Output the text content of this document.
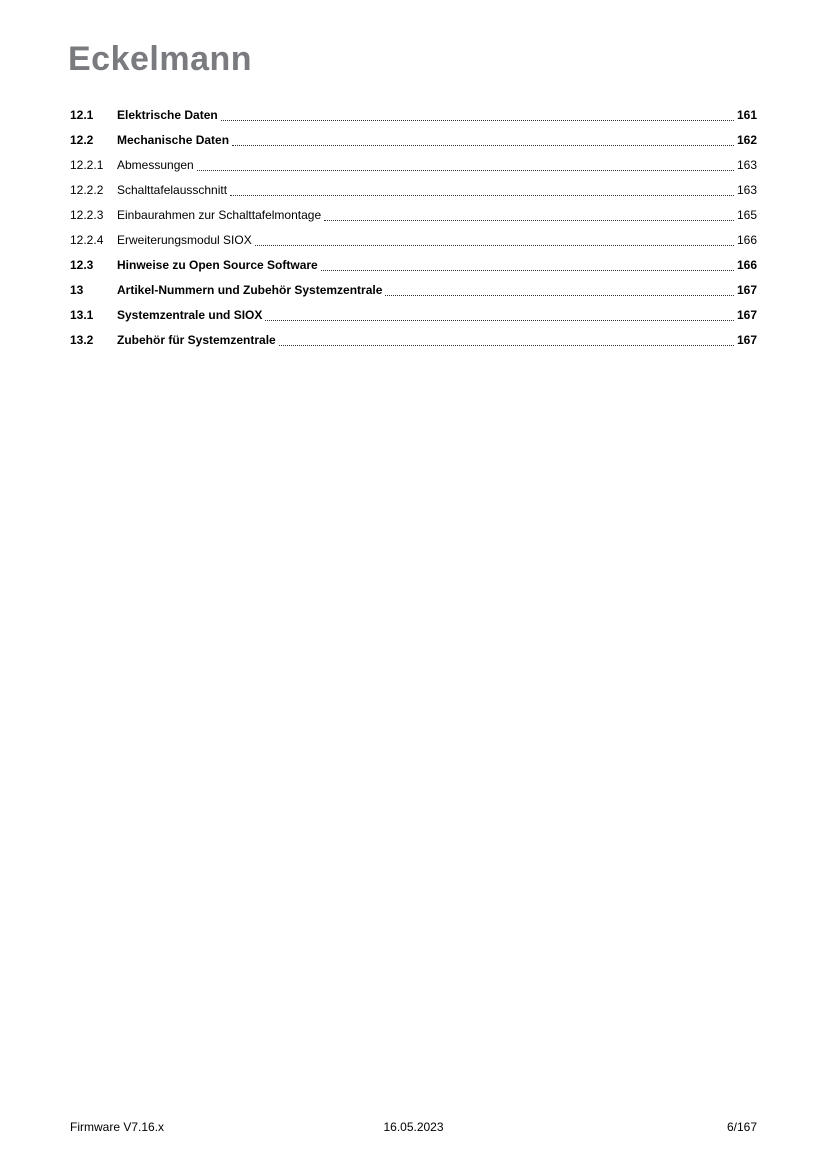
Eckelmann
12.1	Elektrische Daten	161
12.2	Mechanische Daten	162
12.2.1	Abmessungen	163
12.2.2	Schalttafelausschnitt	163
12.2.3	Einbaurahmen zur Schalttafelmontage	165
12.2.4	Erweiterungsmodul SIOX	166
12.3	Hinweise zu Open Source Software	166
13	Artikel-Nummern und Zubehör Systemzentrale	167
13.1	Systemzentrale und SIOX	167
13.2	Zubehör für Systemzentrale	167
Firmware V7.16.x	16.05.2023	6/167
